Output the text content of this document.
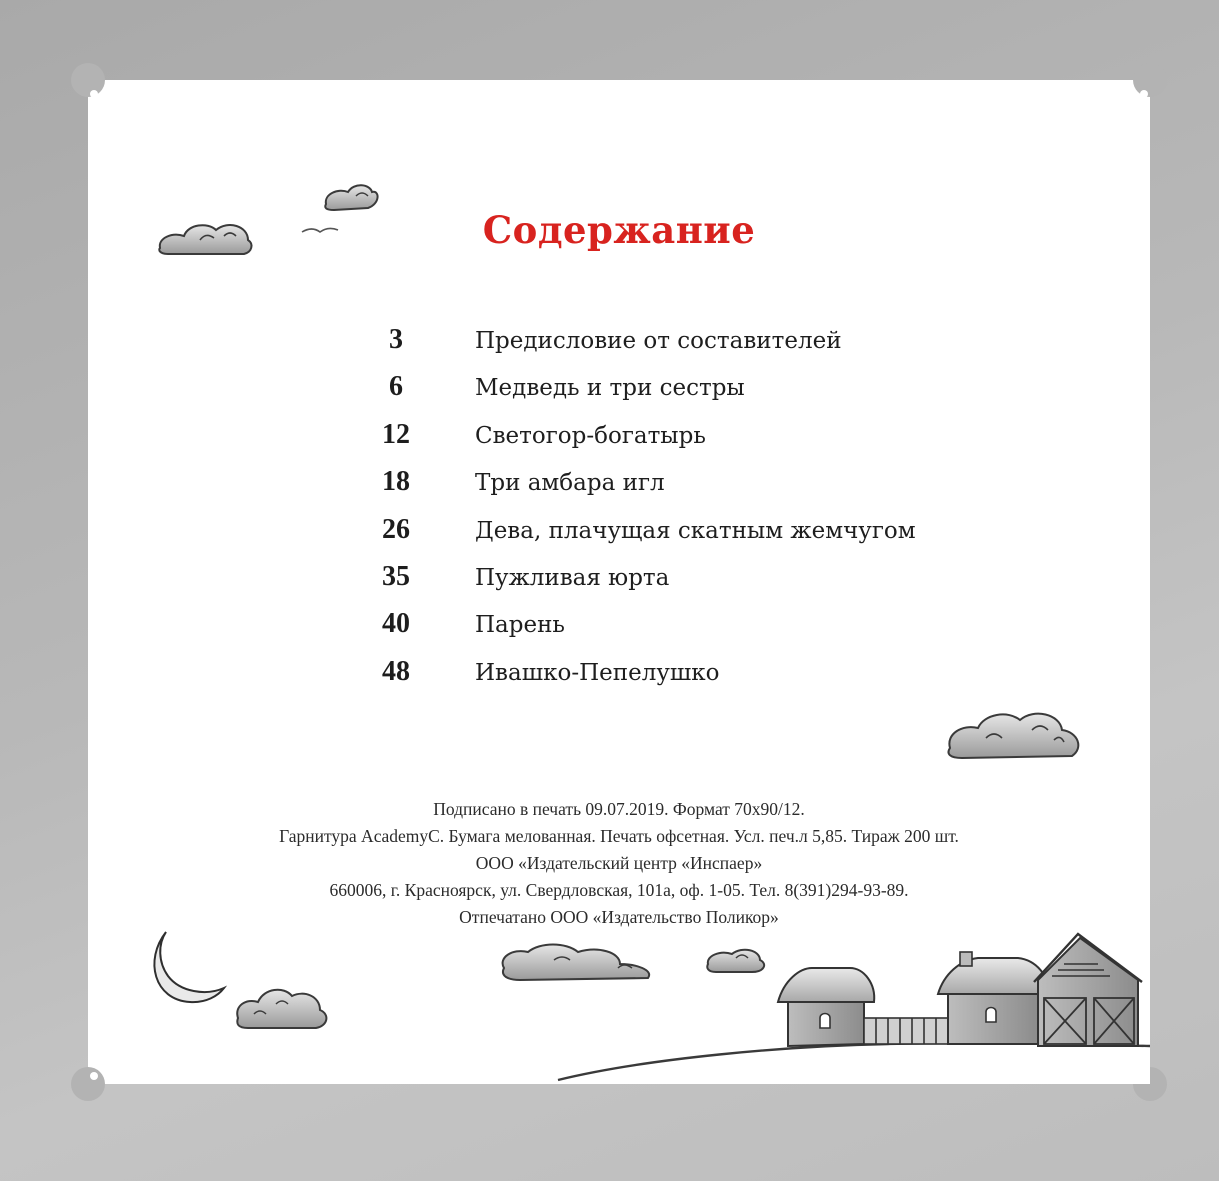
Содержание
3	Предисловие от составителей
6	Медведь и три сестры
12	Светогор-богатырь
18	Три амбара игл
26	Дева, плачущая скатным жемчугом
35	Пужливая юрта
40	Парень
48	Ивашко-Пепелушко
Подписано в печать 09.07.2019. Формат 70х90/12.
Гарнитура AcademyC. Бумага мелованная. Печать офсетная. Усл. печ.л 5,85. Тираж 200 шт.
ООО «Издательский центр «Инспаер»
660006, г. Красноярск, ул. Свердловская, 101а, оф. 1-05. Тел. 8(391)294-93-89.
Отпечатано ООО «Издательство Поликор»
